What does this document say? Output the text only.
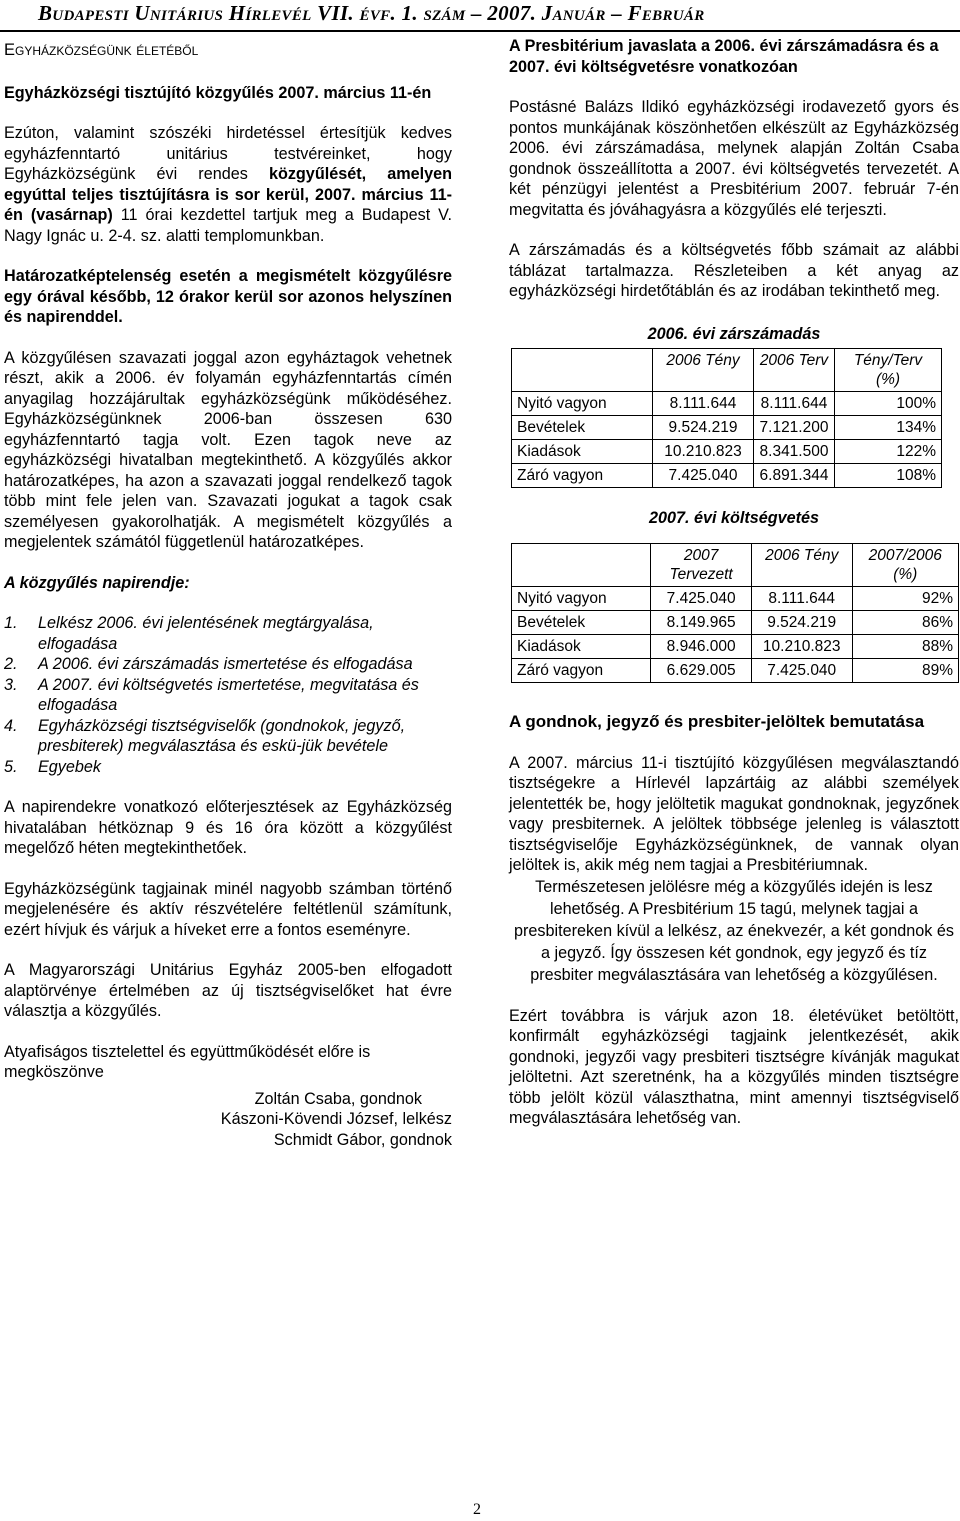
Budapesti Unitárius Hírlevél VII. évf. 1. szám – 2007. Január – Február

Egyházközségünk életéből

Egyházközségi tisztújító közgyűlés 2007. március 11-én

Ezúton, valamint szószéki hirdetéssel értesítjük kedves egyházfenntartó unitárius testvéreinket, hogy Egyházközségünk évi rendes közgyűlését, amelyen egyúttal teljes tisztújításra is sor kerül, 2007. március 11-én (vasárnap) 11 órai kezdettel tartjuk meg a Budapest V. Nagy Ignác u. 2-4. sz. alatti templomunkban.

Határozatképtelenség esetén a megismételt közgyűlésre egy órával később, 12 órakor kerül sor azonos helyszínen és napirenddel.

A közgyűlésen szavazati joggal azon egyháztagok vehetnek részt, akik a 2006. év folyamán egyházfenntartás címén anyagilag hozzájárultak egyházközségünk működéséhez. Egyházközségünknek 2006-ban összesen 630 egyházfenntartó tagja volt. Ezen tagok neve az egyházközségi hivatalban megtekinthető. A közgyűlés akkor határozatképes, ha azon a szavazati joggal rendelkező tagok több mint fele jelen van. Szavazati jogukat a tagok csak személyesen gyakorolhatják. A megismételt közgyűlés a megjelentek számától függetlenül határozatképes.

A közgyűlés napirendje:

1.	Lelkész 2006. évi jelentésének megtárgyalása, elfogadása
2.	A 2006. évi zárszámadás ismertetése és elfogadása
3.	A 2007. évi költségvetés ismertetése, megvitatása és elfogadása
4.	Egyházközségi tisztségviselők (gondnokok, jegyző, presbiterek) megválasztása és eskü-jük bevétele
5.	Egyebek

A napirendekre vonatkozó előterjesztések az Egyházközség hivatalában hétköznap 9 és 16 óra között a közgyűlést megelőző héten megtekinthetőek.

Egyházközségünk tagjainak minél nagyobb számban történő megjelenésére és aktív részvételére feltétlenül számítunk, ezért hívjuk és várjuk a híveket erre a fontos eseményre.

A Magyarországi Unitárius Egyház 2005-ben elfogadott alaptörvénye értelmében az új tisztségviselőket hat évre választja a közgyűlés.

Atyafiságos tisztelettel és együttműködését előre is megköszönve

Zoltán Csaba, gondnok

Kászoni-Kövendi József, lelkész

Schmidt Gábor, gondnok

A Presbitérium javaslata a 2006. évi zárszámadásra és a 2007. évi költségvetésre vonatkozóan

Postásné Balázs Ildikó egyházközségi irodavezető gyors és pontos munkájának köszönhetően elkészült az Egyházközség 2006. évi zárszámadása, melynek alapján Zoltán Csaba gondnok összeállította a 2007. évi költségvetés tervezetét. A két pénzügyi jelentést a Presbitérium 2007. február 7-én megvitatta és jóváhagyásra a közgyűlés elé terjeszti.

A zárszámadás és a költségvetés főbb számait az alábbi táblázat tartalmazza. Részleteiben a két anyag az egyházközségi hirdetőtáblán és az irodában tekinthető meg.

2006. évi zárszámadás

	2006 Tény	2006 Terv	Tény/Terv (%)
Nyitó vagyon	8.111.644	8.111.644	100%
Bevételek	9.524.219	7.121.200	134%
Kiadások	10.210.823	8.341.500	122%
Záró vagyon	7.425.040	6.891.344	108%

2007. évi költségvetés

	2007 Tervezett	2006 Tény	2007/2006 (%)
Nyitó vagyon	7.425.040	8.111.644	92%
Bevételek	8.149.965	9.524.219	86%
Kiadások	8.946.000	10.210.823	88%
Záró vagyon	6.629.005	7.425.040	89%

A gondnok, jegyző és presbiter-jelöltek bemutatása

A 2007. március 11-i tisztújító közgyűlésen megválasztandó tisztségekre a Hírlevél lapzártáig az alábbi személyek jelentették be, hogy jelöltetik magukat gondnoknak, jegyzőnek vagy presbiternek. A jelöltek többsége jelenleg is választott tisztségviselője Egyházközségünknek, de vannak olyan jelöltek is, akik még nem tagjai a Presbitériumnak.

Természetesen jelölésre még a közgyűlés idején is lesz lehetőség. A Presbitérium 15 tagú, melynek tagjai a presbitereken kívül a lelkész, az énekvezér, a két gondnok és a jegyző. Így összesen két gondnok, egy jegyző és tíz presbiter megválasztására van lehetőség a közgyűlésen.

Ezért továbbra is várjuk azon 18. életévüket betöltött, konfirmált egyházközségi tagjaink jelentkezését, akik gondnoki, jegyzői vagy presbiteri tisztségre kívánják magukat jelöltetni. Azt szeretnénk, ha a közgyűlés minden tisztségre több jelölt közül választhatna, mint amennyi tisztségviselő megválasztására lehetőség van.

2
